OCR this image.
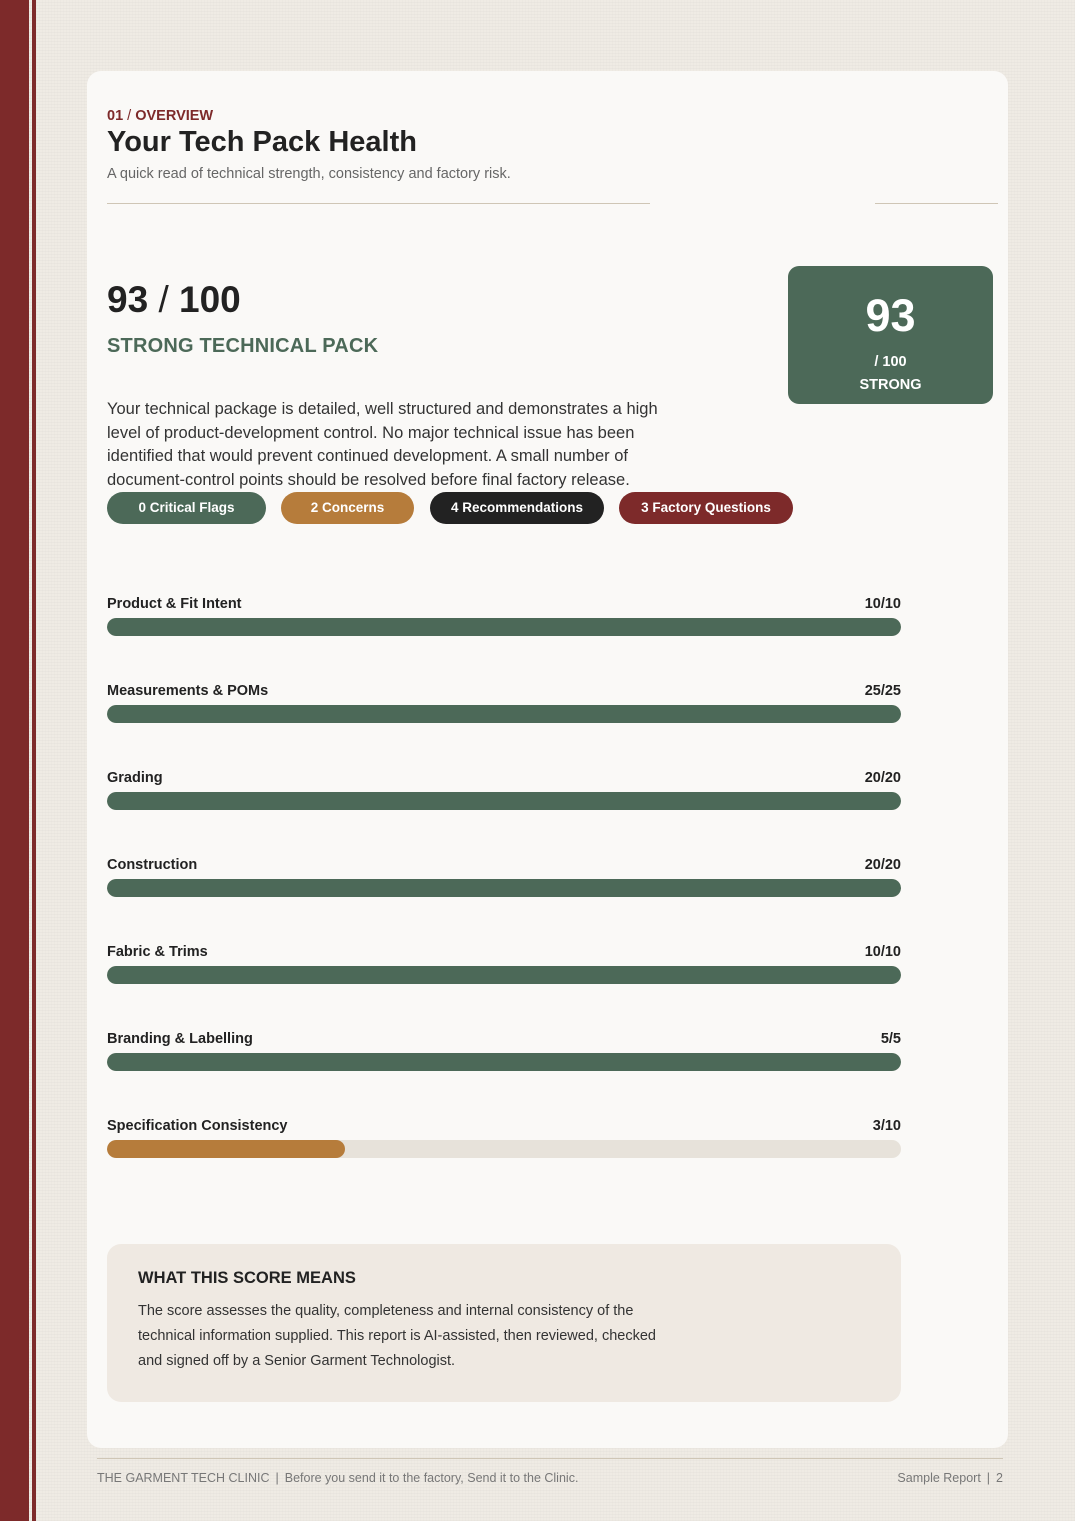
01 / OVERVIEW
Your Tech Pack Health
A quick read of technical strength, consistency and factory risk.
93 / 100
STRONG TECHNICAL PACK

Your technical package is detailed, well structured and demonstrates a high level of product-development control. No major technical issue has been identified that would prevent continued development. A small number of document-control points should be resolved before final factory release.

93
/ 100
STRONG
0 Critical Flags	2 Concerns	4 Recommendations	3 Factory Questions
Product & Fit Intent	10/10
Measurements & POMs	25/25
Grading	20/20
Construction	20/20
Fabric & Trims	10/10
Branding & Labelling	5/5
Specification Consistency	3/10
WHAT THIS SCORE MEANS

The score assesses the quality, completeness and internal consistency of the technical information supplied. This report is AI-assisted, then reviewed, checked and signed off by a Senior Garment Technologist.

THE GARMENT TECH CLINIC | Before you send it to the factory, Send it to the Clinic.	Sample Report | 2
